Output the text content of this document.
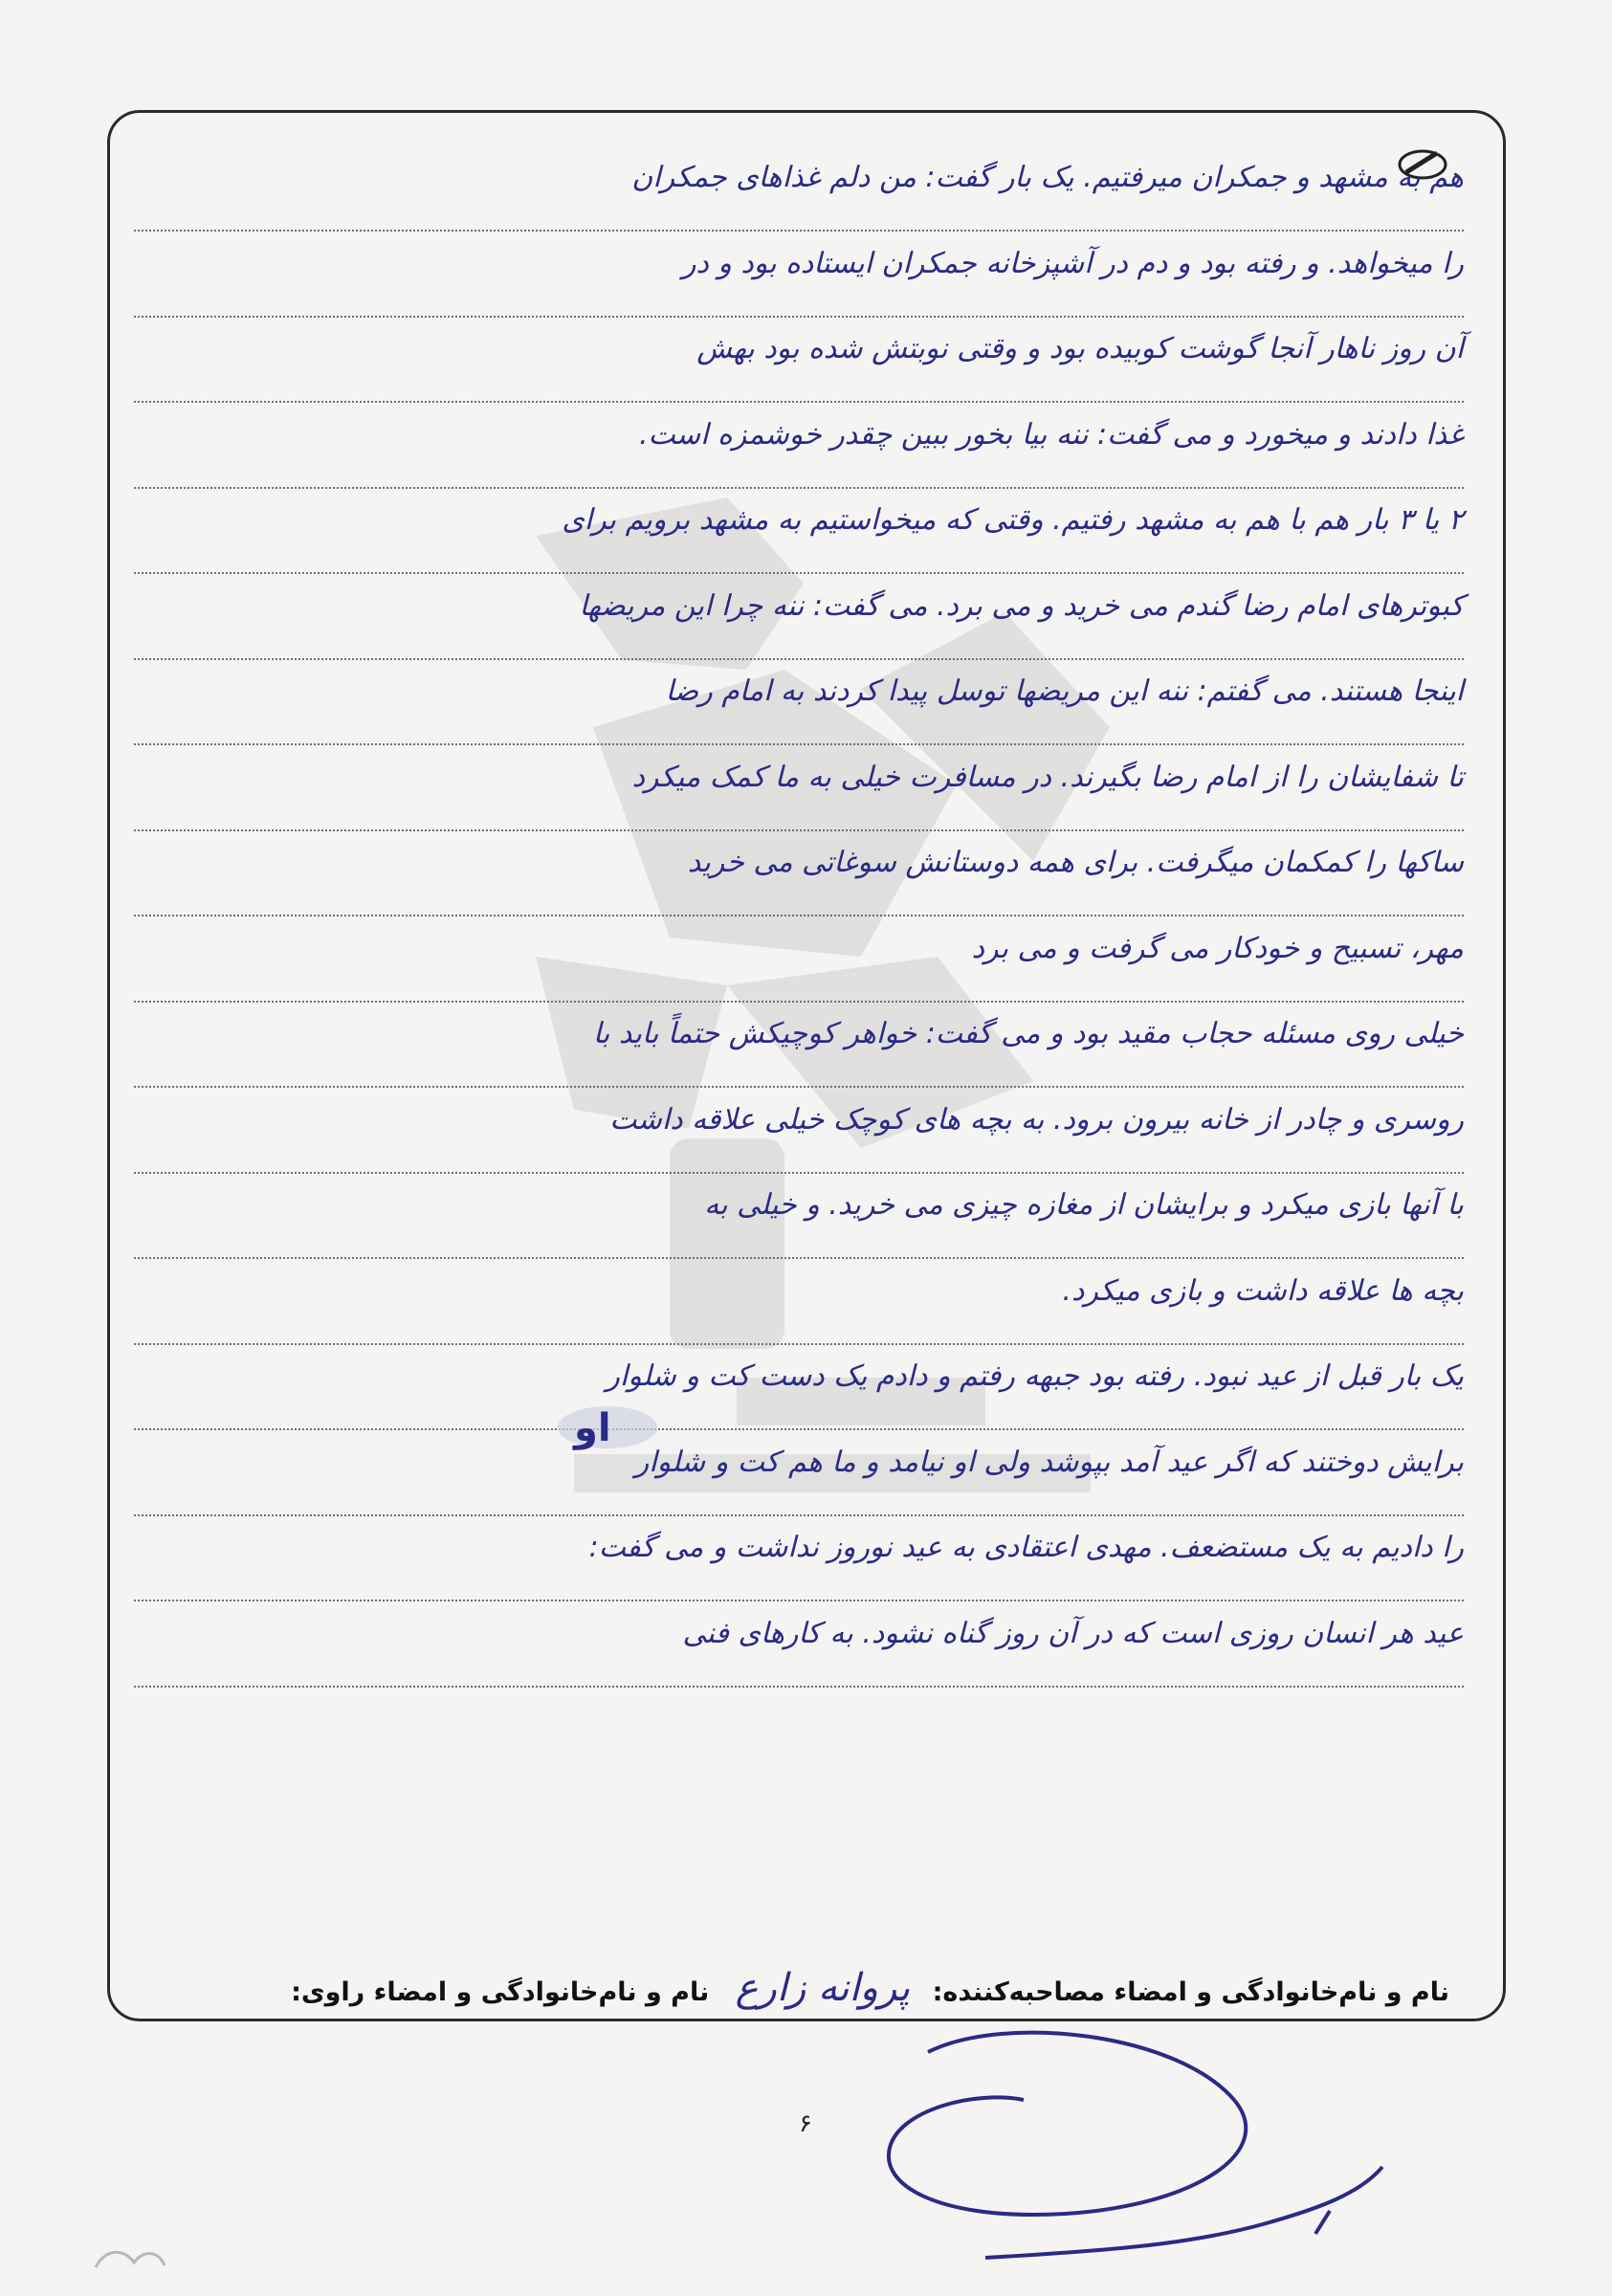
هم به مشهد و جمکران میرفتیم. یک بار گفت: من دلم غذاهای جمکران
را میخواهد. و رفته بود و دم در آشپزخانه جمکران ایستاده بود و در
آن روز ناهار آنجا گوشت کوبیده بود و وقتی نوبتش شده بود بهش
غذا دادند و میخورد و می گفت: ننه بیا بخور ببین چقدر خوشمزه است.
۲ یا ۳ بار هم با هم به مشهد رفتیم. وقتی که میخواستیم به مشهد برویم برای
کبوترهای امام رضا گندم می خرید و می برد. می گفت: ننه چرا این مریضها
اینجا هستند. می گفتم: ننه این مریضها توسل پیدا کردند به امام رضا
تا شفایشان را از امام رضا بگیرند. در مسافرت خیلی به ما کمک میکرد
ساکها را کمکمان میگرفت. برای همه دوستانش سوغاتی می خرید
مهر، تسبیح و خودکار می گرفت و می برد
خیلی روی مسئله حجاب مقید بود و می گفت: خواهر کوچیکش حتماً باید با
روسری و چادر از خانه بیرون برود. به بچه های کوچک خیلی علاقه داشت
با آنها بازی میکرد و برایشان از مغازه چیزی می خرید. و خیلی به
بچه ها علاقه داشت و بازی میکرد.
یک بار قبل از عید نبود. رفته بود جبهه رفتم و دادم یک دست کت و شلوار
برایش دوختند که اگر عید آمد بپوشد ولی او نیامد و ما هم کت و شلوار
را دادیم به یک مستضعف. مهدی اعتقادی به عید نوروز نداشت و می گفت:
عید هر انسان روزی است که در آن روز گناه نشود. به کارهای فنی
او
نام و نام‌خانوادگی و امضاء مصاحبه‌کننده: پروانه زارع نام و نام‌خانوادگی و امضاء راوی:
۶
